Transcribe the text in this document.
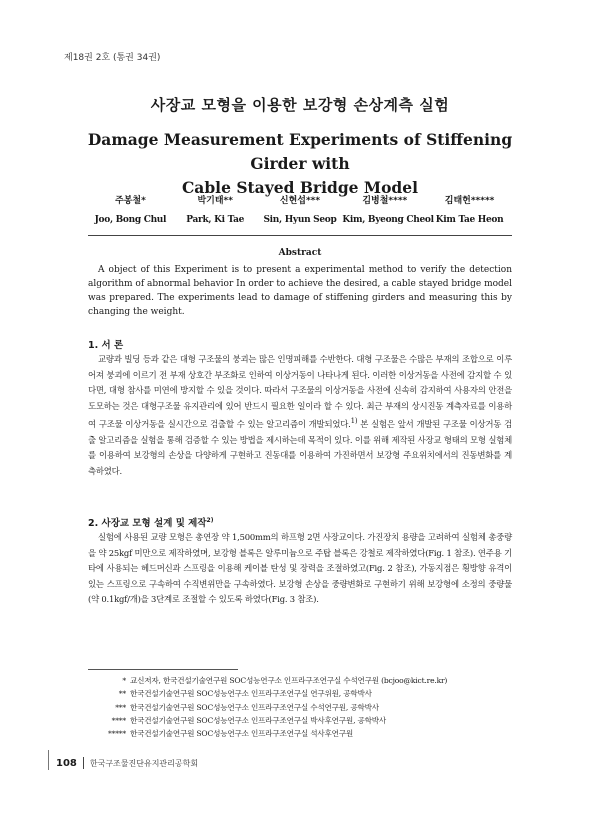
제18권 2호 (통권 34권)
사장교 모형을 이용한 보강형 손상계측 실험
Damage Measurement Experiments of Stiffening Girder with
Cable Stayed Bridge Model
주봉철*
Joo, Bong Chul
박기태**
Park, Ki Tae
신현섭***
Sin, Hyun Seop
김병철****
Kim, Byeong Cheol
김태헌*****
Kim Tae Heon
Abstract
A object of this Experiment is to present a experimental method to verify the detection algorithm of abnormal behavior In order to achieve the desired, a cable stayed bridge model was prepared. The experiments lead to damage of stiffening girders and measuring this by changing the weight.
1. 서 론
교량과 빌딩 등과 같은 대형 구조물의 붕괴는 많은 인명피해를 수반한다. 대형 구조물은 수많은 부재의 조합으로 이루어져 붕괴에 이르기 전 부재 상호간 부조화로 인하여 이상거동이 나타나게 된다. 이러한 이상거동을 사전에 감지할 수 있다면, 대형 참사를 미연에 방지할 수 있을 것이다. 따라서 구조물의 이상거동을 사전에 신속히 감지하여 사용자의 안전을 도모하는 것은 대형구조물 유지관리에 있어 반드시 필요한 일이라 할 수 있다. 최근 부재의 상시진동 계측자료를 이용하여 구조물 이상거동을 실시간으로 검출할 수 있는 알고리즘이 개발되었다.$^{1)}$ 본 실험은 앞서 개발된 구조물 이상거동 검출 알고리즘을 실험을 통해 검증할 수 있는 방법을 제시하는데 목적이 있다. 이를 위해 제작된 사장교 형태의 모형 실험체를 이용하여 보강형의 손상을 다양하게 구현하고 진동대를 이용하여 가진하면서 보강형 주요위치에서의 진동변화를 계측하였다.
2. 사장교 모형 설계 및 제작$^{2)}$
실험에 사용된 교량 모형은 총연장 약 1,500mm의 하프형 2면 사장교이다. 가진장치 용량을 고려하여 실험체 총중량을 약 25kgf 미만으로 제작하였며, 보강형 블록은 알루미늄으로 주탑 블록은 강철로 제작하였다(Fig. 1 참조). 연주용 기타에 사용되는 헤드머신과 스프링을 이용해 케이블 탄성 및 장력을 조절하였고(Fig. 2 참조), 가동지점은 횡방향 유격이 있는 스프링으로 구속하여 수직변위만을 구속하였다. 보강형 손상을 중량변화로 구현하기 위해 보강형에 소정의 중량물(약 0.1kgf/개)을 3단계로 조절할 수 있도록 하였다(Fig. 3 참조).
* 교신저자, 한국건설기술연구원 SOC성능연구소 인프라구조연구실 수석연구원 (bcjoo@kict.re.kr)
** 한국건설기술연구원 SOC성능연구소 인프라구조연구실 연구위원, 공학박사
*** 한국건설기술연구원 SOC성능연구소 인프라구조연구실 수석연구원, 공학박사
**** 한국건설기술연구원 SOC성능연구소 인프라구조연구실 박사후연구원, 공학박사
***** 한국건설기술연구원 SOC성능연구소 인프라구조연구실 석사후연구원
108 한국구조물진단유지관리공학회
